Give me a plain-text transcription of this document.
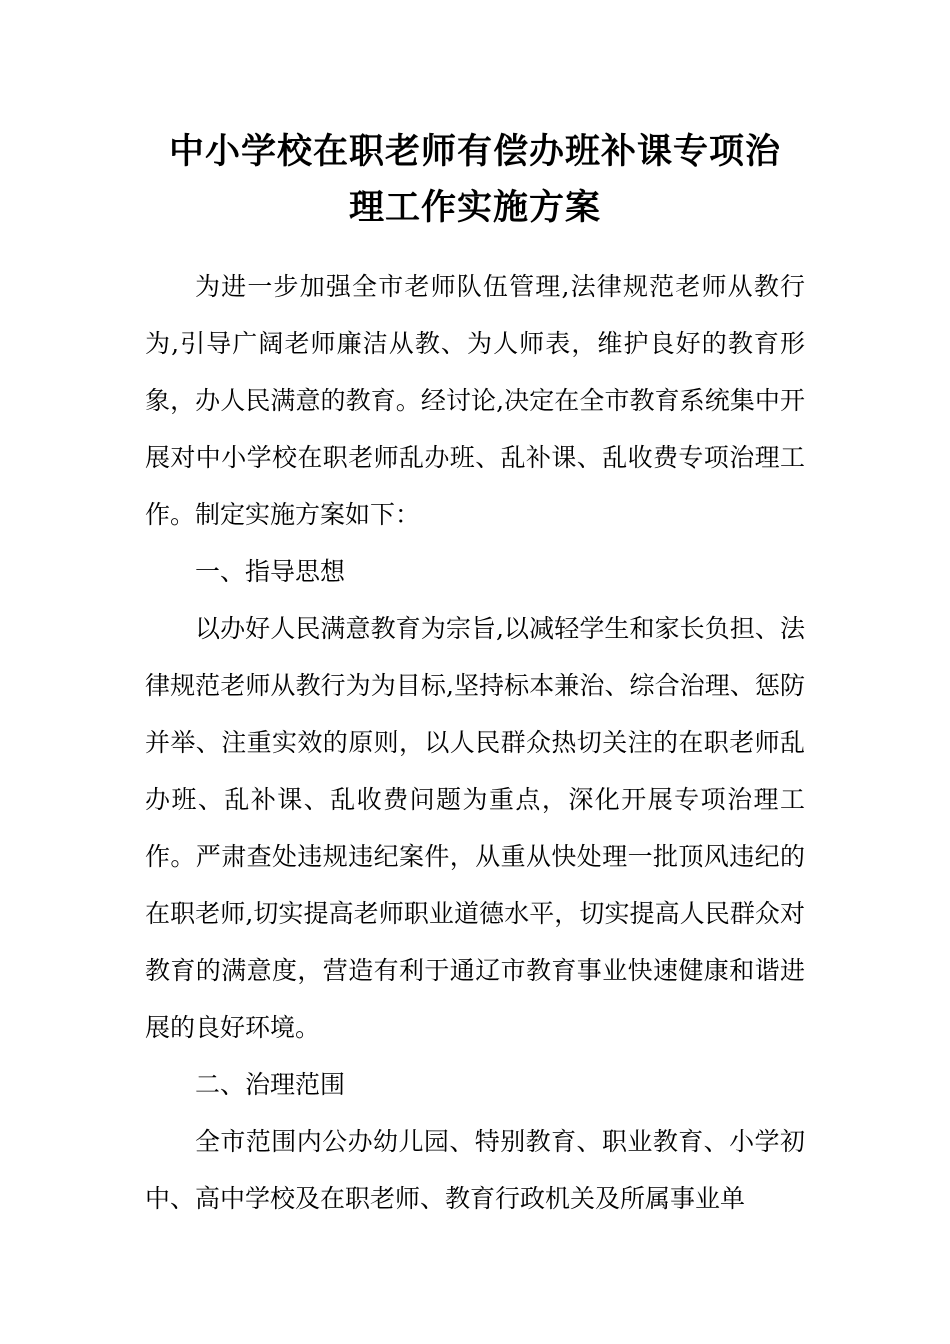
中小学校在职老师有偿办班补课专项治
理工作实施方案

为进一步加强全市老师队伍管理,法律规范老师从教行为,引导广阔老师廉洁从教、为人师表，维护良好的教育形象，办人民满意的教育。经讨论,决定在全市教育系统集中开展对中小学校在职老师乱办班、乱补课、乱收费专项治理工作。制定实施方案如下：

一、指导思想

以办好人民满意教育为宗旨,以减轻学生和家长负担、法律规范老师从教行为为目标,坚持标本兼治、综合治理、惩防并举、注重实效的原则，以人民群众热切关注的在职老师乱办班、乱补课、乱收费问题为重点，深化开展专项治理工作。严肃查处违规违纪案件，从重从快处理一批顶风违纪的在职老师,切实提高老师职业道德水平，切实提高人民群众对教育的满意度，营造有利于通辽市教育事业快速健康和谐进展的良好环境。

二、治理范围

全市范围内公办幼儿园、特别教育、职业教育、小学初中、高中学校及在职老师、教育行政机关及所属事业单
